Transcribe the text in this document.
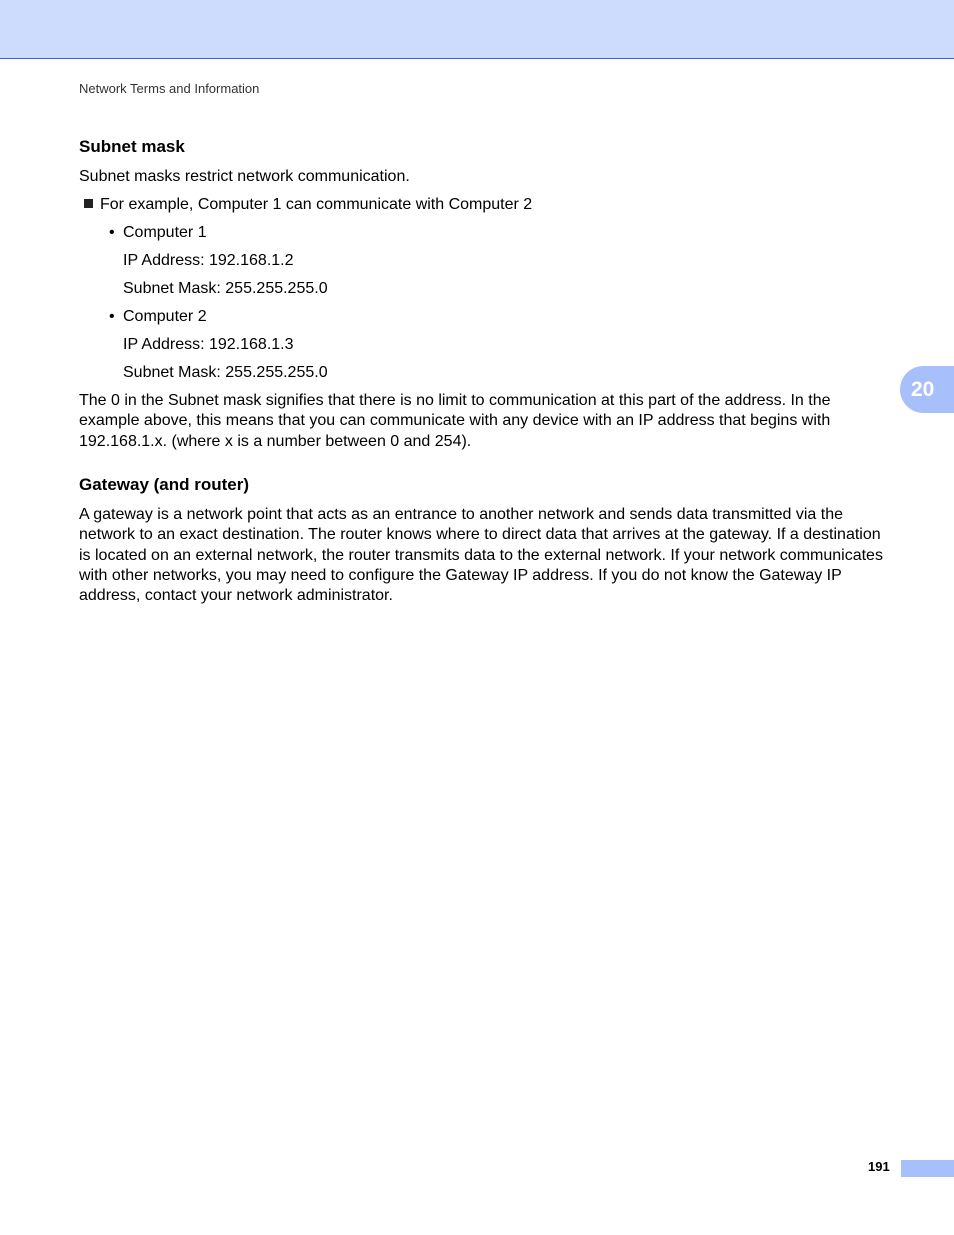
Network Terms and Information
Subnet mask
Subnet masks restrict network communication.
For example, Computer 1 can communicate with Computer 2
• Computer 1
IP Address: 192.168.1.2
Subnet Mask: 255.255.255.0
• Computer 2
IP Address: 192.168.1.3
Subnet Mask: 255.255.255.0

The 0 in the Subnet mask signifies that there is no limit to communication at this part of the address. In the example above, this means that you can communicate with any device with an IP address that begins with 192.168.1.x. (where x is a number between 0 and 254).

Gateway (and router)

A gateway is a network point that acts as an entrance to another network and sends data transmitted via the network to an exact destination. The router knows where to direct data that arrives at the gateway. If a destination is located on an external network, the router transmits data to the external network. If your network communicates with other networks, you may need to configure the Gateway IP address. If you do not know the Gateway IP address, contact your network administrator.

20
191
